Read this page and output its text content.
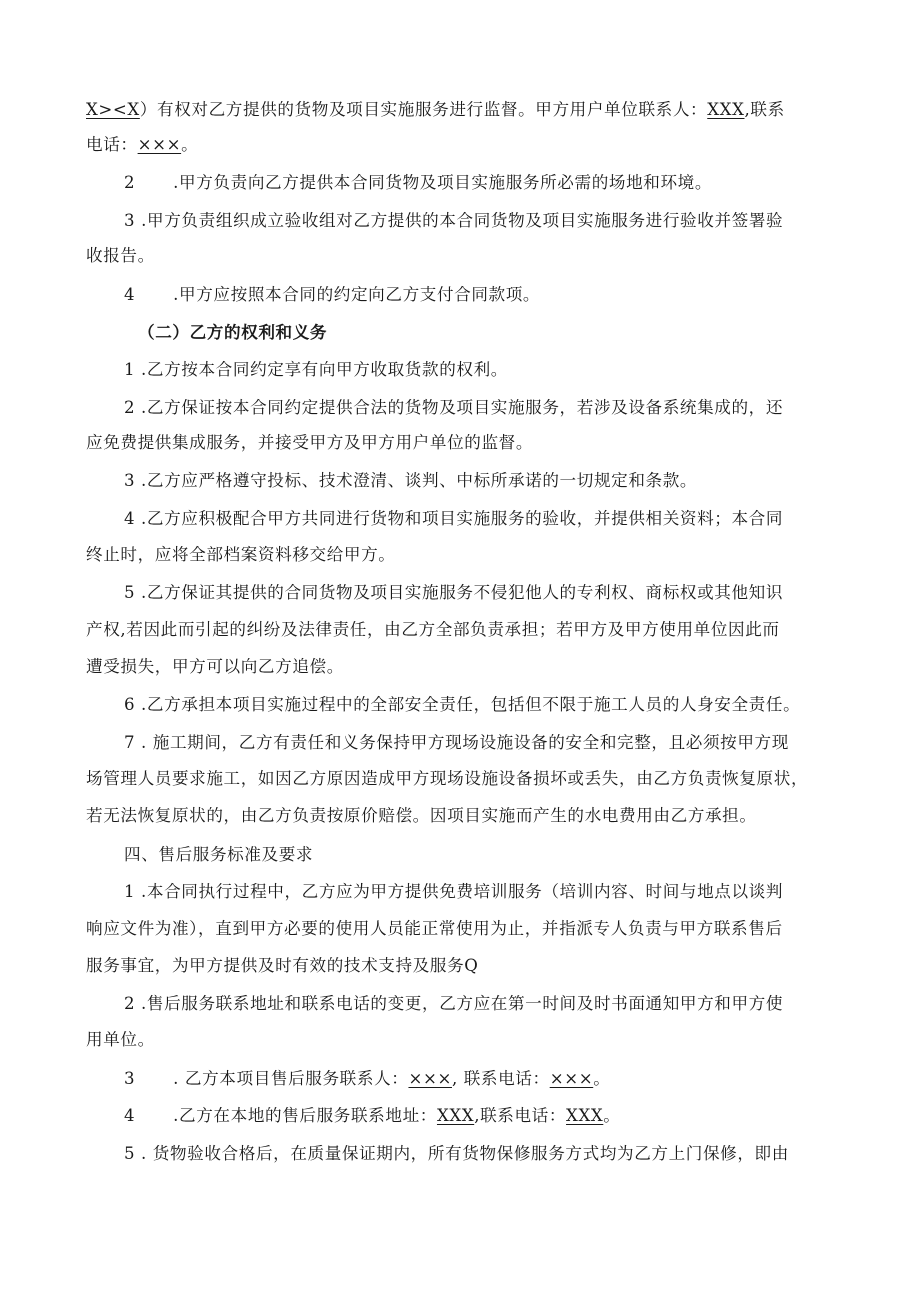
X><X）有权对乙方提供的货物及项目实施服务进行监督。甲方用户单位联系人：XXX,联系
电话：×××。
2 .甲方负责向乙方提供本合同货物及项目实施服务所必需的场地和环境。
3 .甲方负责组织成立验收组对乙方提供的本合同货物及项目实施服务进行验收并签署验
收报告。
4 .甲方应按照本合同的约定向乙方支付合同款项。
（二）乙方的权利和义务
1 .乙方按本合同约定享有向甲方收取货款的权利。
2 .乙方保证按本合同约定提供合法的货物及项目实施服务，若涉及设备系统集成的，还
应免费提供集成服务，并接受甲方及甲方用户单位的监督。
3 .乙方应严格遵守投标、技术澄清、谈判、中标所承诺的一切规定和条款。
4 .乙方应积极配合甲方共同进行货物和项目实施服务的验收，并提供相关资料；本合同
终止时，应将全部档案资料移交给甲方。
5 .乙方保证其提供的合同货物及项目实施服务不侵犯他人的专利权、商标权或其他知识
产权,若因此而引起的纠纷及法律责任，由乙方全部负责承担；若甲方及甲方使用单位因此而
遭受损失，甲方可以向乙方追偿。
6 .乙方承担本项目实施过程中的全部安全责任，包括但不限于施工人员的人身安全责任。
7 . 施工期间，乙方有责任和义务保持甲方现场设施设备的安全和完整，且必须按甲方现
场管理人员要求施工，如因乙方原因造成甲方现场设施设备损坏或丢失，由乙方负责恢复原状，
若无法恢复原状的，由乙方负责按原价赔偿。因项目实施而产生的水电费用由乙方承担。
四、售后服务标准及要求
1 .本合同执行过程中，乙方应为甲方提供免费培训服务（培训内容、时间与地点以谈判
响应文件为准），直到甲方必要的使用人员能正常使用为止，并指派专人负责与甲方联系售后
服务事宜，为甲方提供及时有效的技术支持及服务Q
2 .售后服务联系地址和联系电话的变更，乙方应在第一时间及时书面通知甲方和甲方使
用单位。
3 . 乙方本项目售后服务联系人：×××, 联系电话：×××。
4 .乙方在本地的售后服务联系地址：XXX,联系电话：XXX。
5 . 货物验收合格后，在质量保证期内，所有货物保修服务方式均为乙方上门保修，即由
